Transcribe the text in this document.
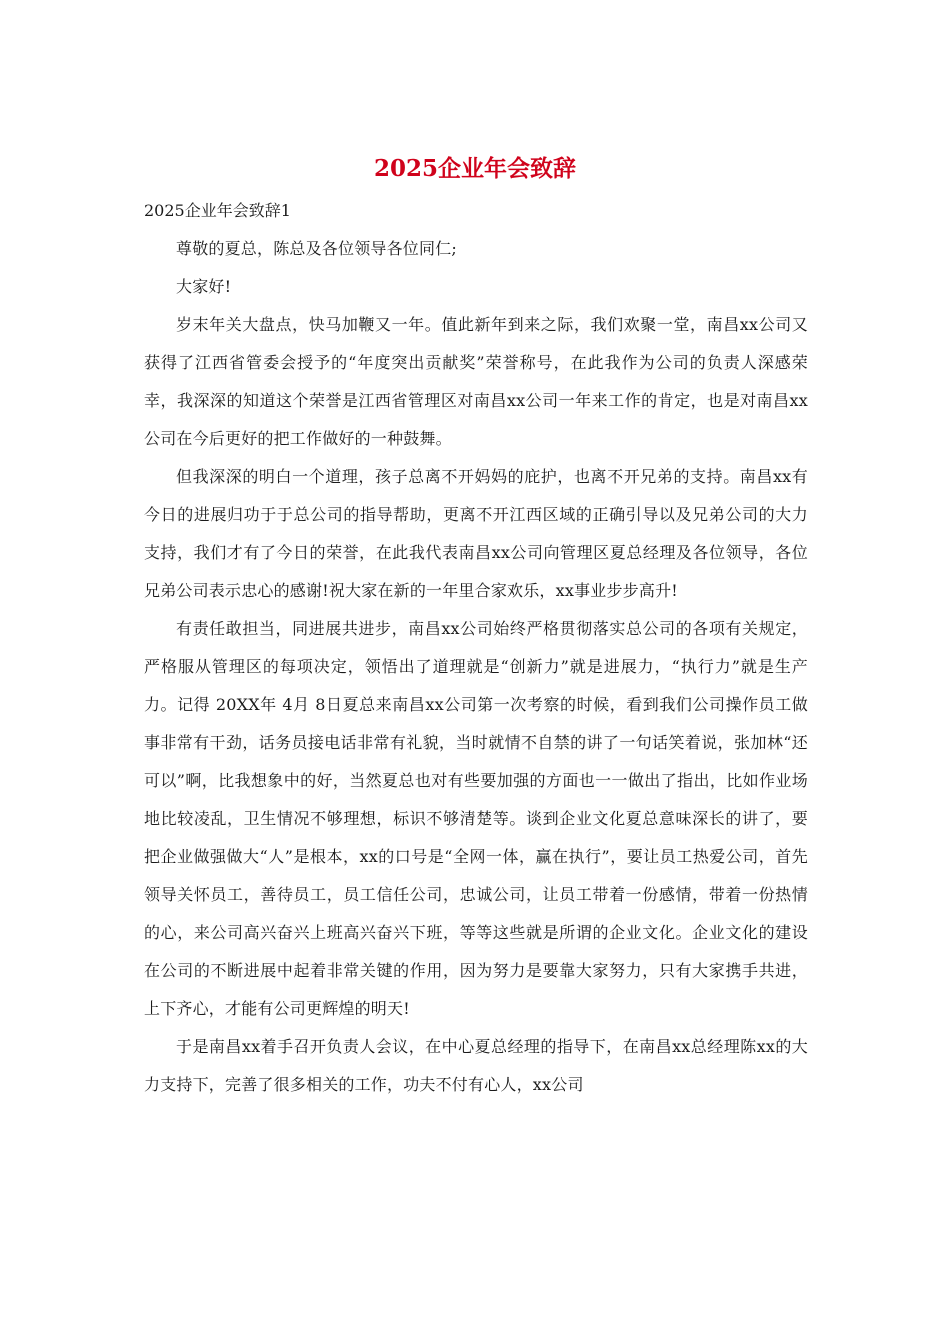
2025企业年会致辞

2025企业年会致辞1

尊敬的夏总，陈总及各位领导各位同仁;

大家好!

岁末年关大盘点，快马加鞭又一年。值此新年到来之际，我们欢聚一堂，南昌xx公司又获得了江西省管委会授予的“年度突出贡献奖”荣誉称号，在此我作为公司的负责人深感荣幸，我深深的知道这个荣誉是江西省管理区对南昌xx公司一年来工作的肯定，也是对南昌xx公司在今后更好的把工作做好的一种鼓舞。

但我深深的明白一个道理，孩子总离不开妈妈的庇护，也离不开兄弟的支持。南昌xx有今日的进展归功于于总公司的指导帮助，更离不开江西区域的正确引导以及兄弟公司的大力支持，我们才有了今日的荣誉，在此我代表南昌xx公司向管理区夏总经理及各位领导，各位兄弟公司表示忠心的感谢!祝大家在新的一年里合家欢乐，xx事业步步高升!

有责任敢担当，同进展共进步，南昌xx公司始终严格贯彻落实总公司的各项有关规定，严格服从管理区的每项决定，领悟出了道理就是“创新力”就是进展力，“执行力”就是生产力。记得 20XX年 4月 8日夏总来南昌xx公司第一次考察的时候，看到我们公司操作员工做事非常有干劲，话务员接电话非常有礼貌，当时就情不自禁的讲了一句话笑着说，张加林“还可以”啊，比我想象中的好，当然夏总也对有些要加强的方面也一一做出了指出，比如作业场地比较凌乱，卫生情况不够理想，标识不够清楚等。谈到企业文化夏总意味深长的讲了，要把企业做强做大“人”是根本，xx的口号是“全网一体，赢在执行”，要让员工热爱公司，首先领导关怀员工，善待员工，员工信任公司，忠诚公司，让员工带着一份感情，带着一份热情的心，来公司高兴奋兴上班高兴奋兴下班，等等这些就是所谓的企业文化。企业文化的建设在公司的不断进展中起着非常关键的作用，因为努力是要靠大家努力，只有大家携手共进，上下齐心，才能有公司更辉煌的明天!

于是南昌xx着手召开负责人会议，在中心夏总经理的指导下，在南昌xx总经理陈xx的大力支持下，完善了很多相关的工作，功夫不付有心人，xx公司
